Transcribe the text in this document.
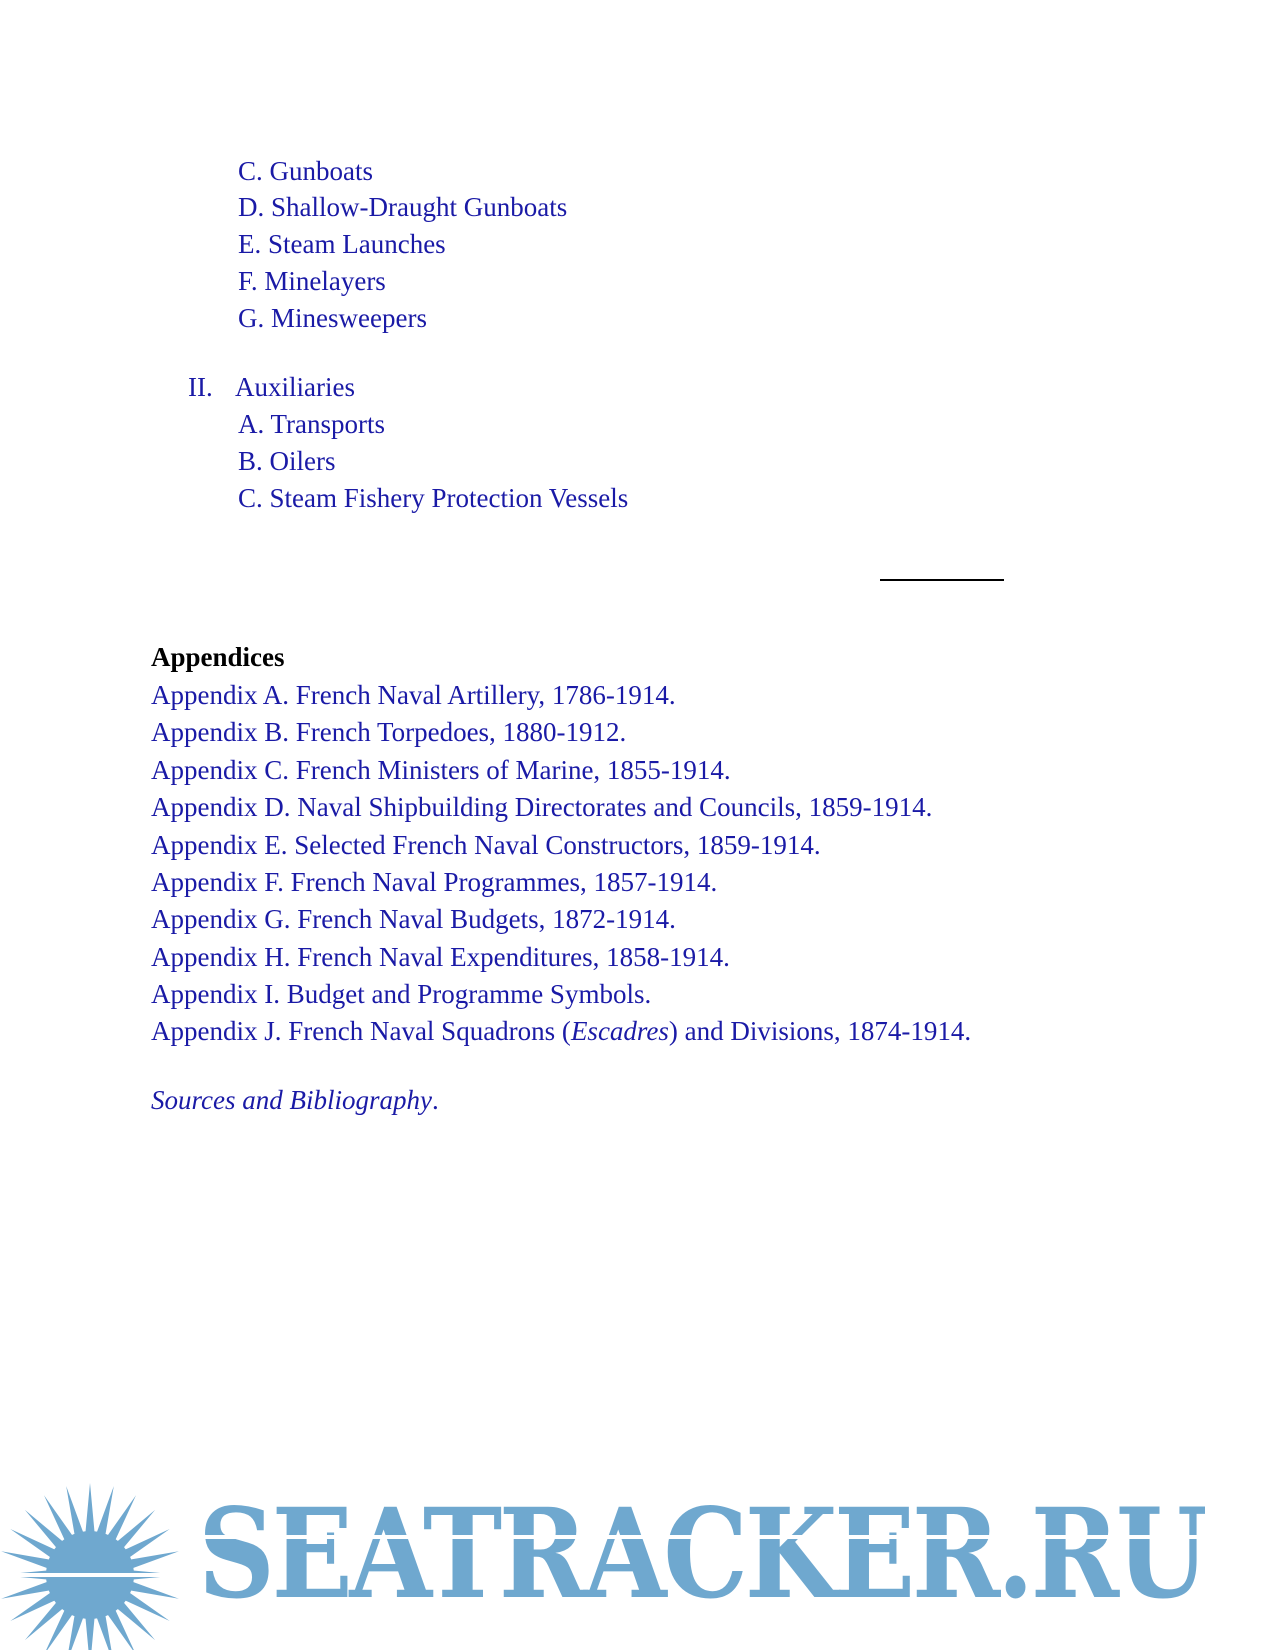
C. Gunboats
D. Shallow-Draught Gunboats
E. Steam Launches
F. Minelayers
G. Minesweepers
II. Auxiliaries
A. Transports
B. Oilers
C. Steam Fishery Protection Vessels
Appendices
Appendix A. French Naval Artillery, 1786-1914.
Appendix B. French Torpedoes, 1880-1912.
Appendix C. French Ministers of Marine, 1855-1914.
Appendix D. Naval Shipbuilding Directorates and Councils, 1859-1914.
Appendix E. Selected French Naval Constructors, 1859-1914.
Appendix F. French Naval Programmes, 1857-1914.
Appendix G. French Naval Budgets, 1872-1914.
Appendix H. French Naval Expenditures, 1858-1914.
Appendix I. Budget and Programme Symbols.
Appendix J. French Naval Squadrons (Escadres) and Divisions, 1874-1914.
Sources and Bibliography.
SEATRACKER.RU
